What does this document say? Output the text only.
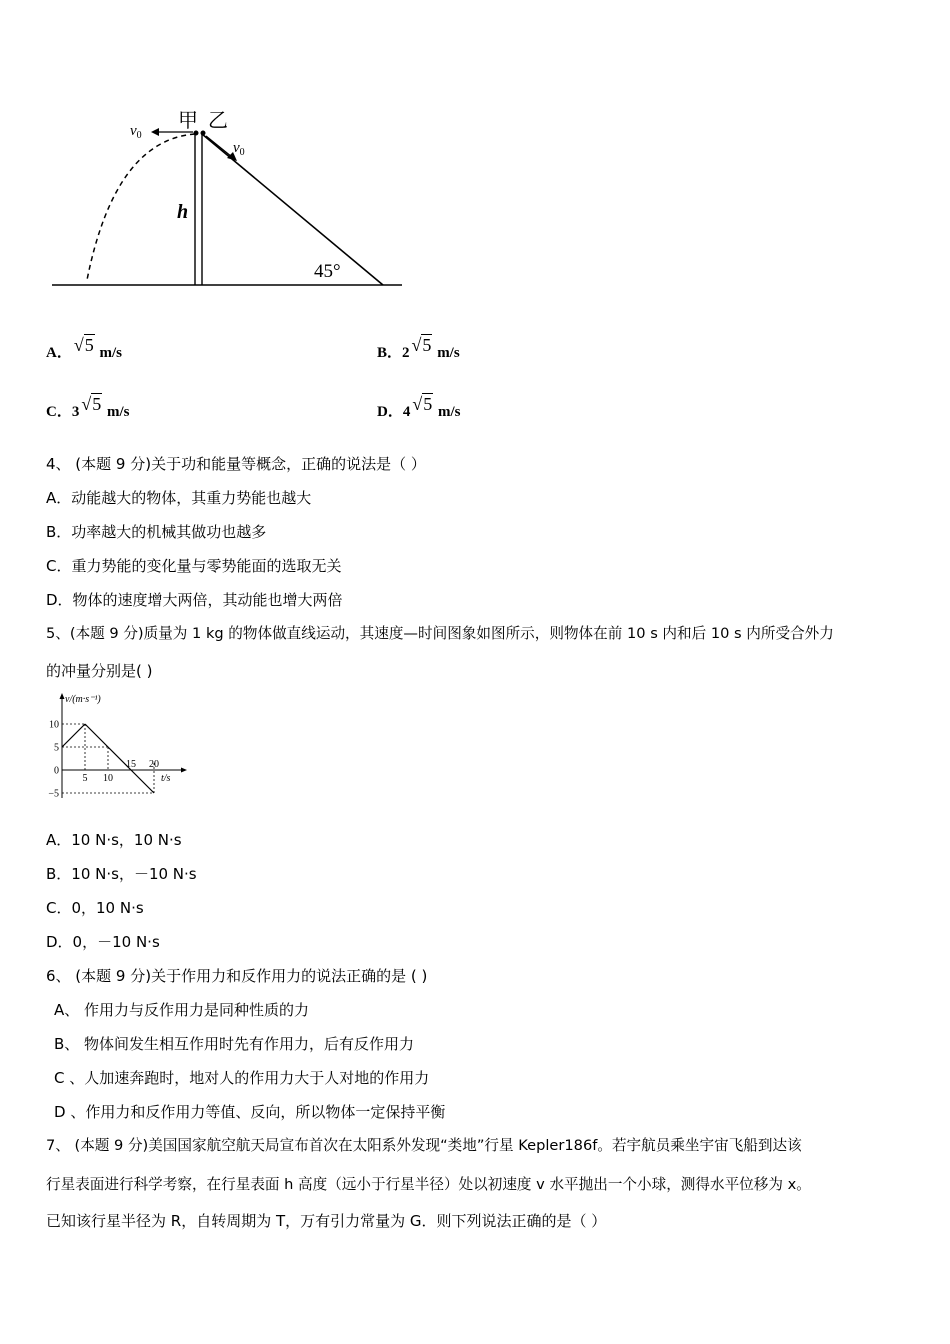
甲 乙
$v_0$
$v_0$
h
45°
A． √5 m/s	B．2 √5 m/s
C．3 √5 m/s	D．4 √5 m/s
4、 (本题 9 分)关于功和能量等概念，正确的说法是（ ）
A．动能越大的物体，其重力势能也越大
B．功率越大的机械其做功也越多
C．重力势能的变化量与零势能面的选取无关
D．物体的速度增大两倍，其动能也增大两倍
5、(本题 9 分)质量为 1 kg 的物体做直线运动，其速度—时间图象如图所示，则物体在前 10 s 内和后 10 s 内所受合外力
的冲量分别是( )
v/(m·s⁻¹)
t/s
10
5
0
−5
5 10
15 20
A．10 N·s，10 N·s
B．10 N·s，－10 N·s
C．0，10 N·s
D．0，－10 N·s
6、 (本题 9 分)关于作用力和反作用力的说法正确的是 ( )
A、 作用力与反作用力是同种性质的力
B、 物体间发生相互作用时先有作用力，后有反作用力
C 、人加速奔跑时，地对人的作用力大于人对地的作用力
D 、作用力和反作用力等值、反向，所以物体一定保持平衡
7、 (本题 9 分)美国国家航空航天局宣布首次在太阳系外发现“类地”行星 Kepler186f。若宇航员乘坐宇宙飞船到达该
行星表面进行科学考察，在行星表面 h 高度（远小于行星半径）处以初速度 v 水平抛出一个小球，测得水平位移为 x。
已知该行星半径为 R，自转周期为 T，万有引力常量为 G．则下列说法正确的是（ ）
